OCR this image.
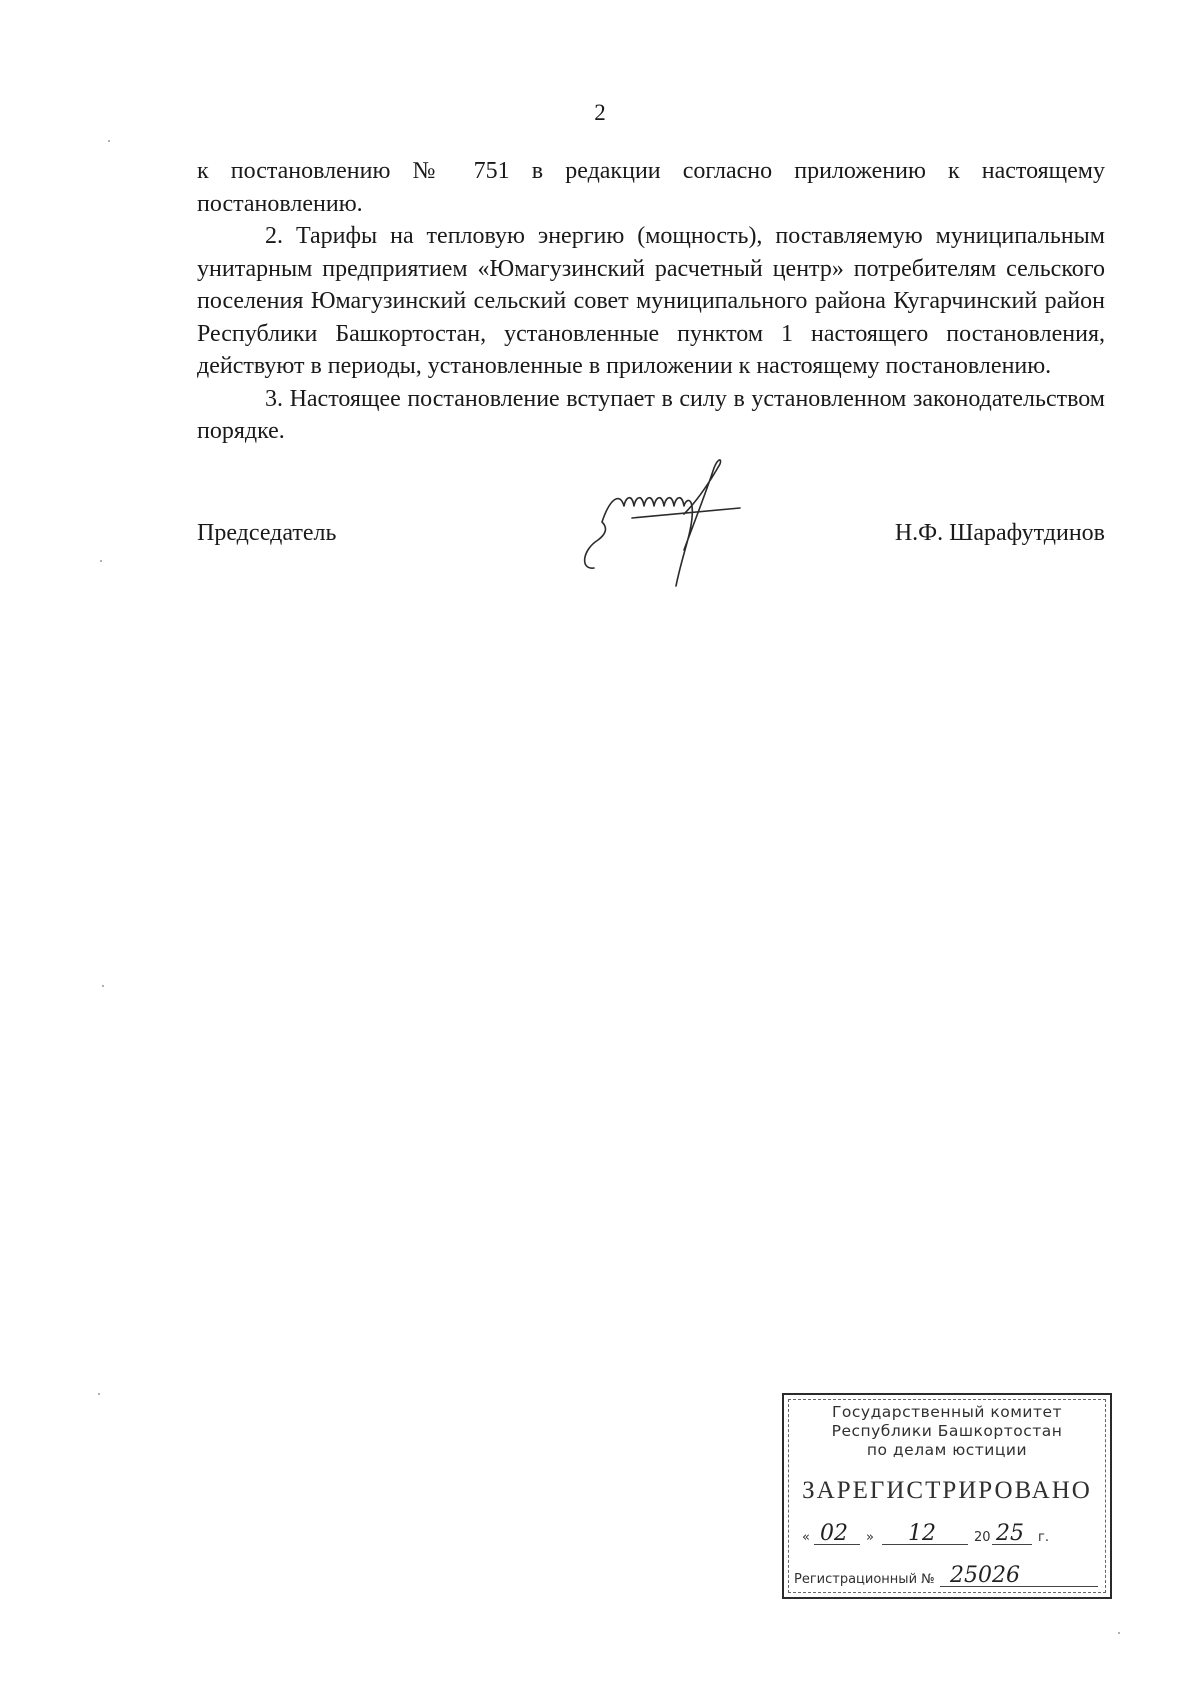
2

к постановлению № 751 в редакции согласно приложению к настоящему постановлению.

2. Тарифы на тепловую энергию (мощность), поставляемую муниципальным унитарным предприятием «Юмагузинский расчетный центр» потребителям сельского поселения Юмагузинский сельский совет муниципального района Кугарчинский район Республики Башкортостан, установленные пунктом 1 настоящего постановления, действуют в периоды, установленные в приложении к настоящему постановлению.

3. Настоящее постановление вступает в силу в установленном законодательством порядке.

Председатель	Н.Ф. Шарафутдинов
Государственный комитет
Республики Башкортостан
по делам юстиции
ЗАРЕГИСТРИРОВАНО
« 02 » 12	20 25 г.
Регистрационный № 25026
